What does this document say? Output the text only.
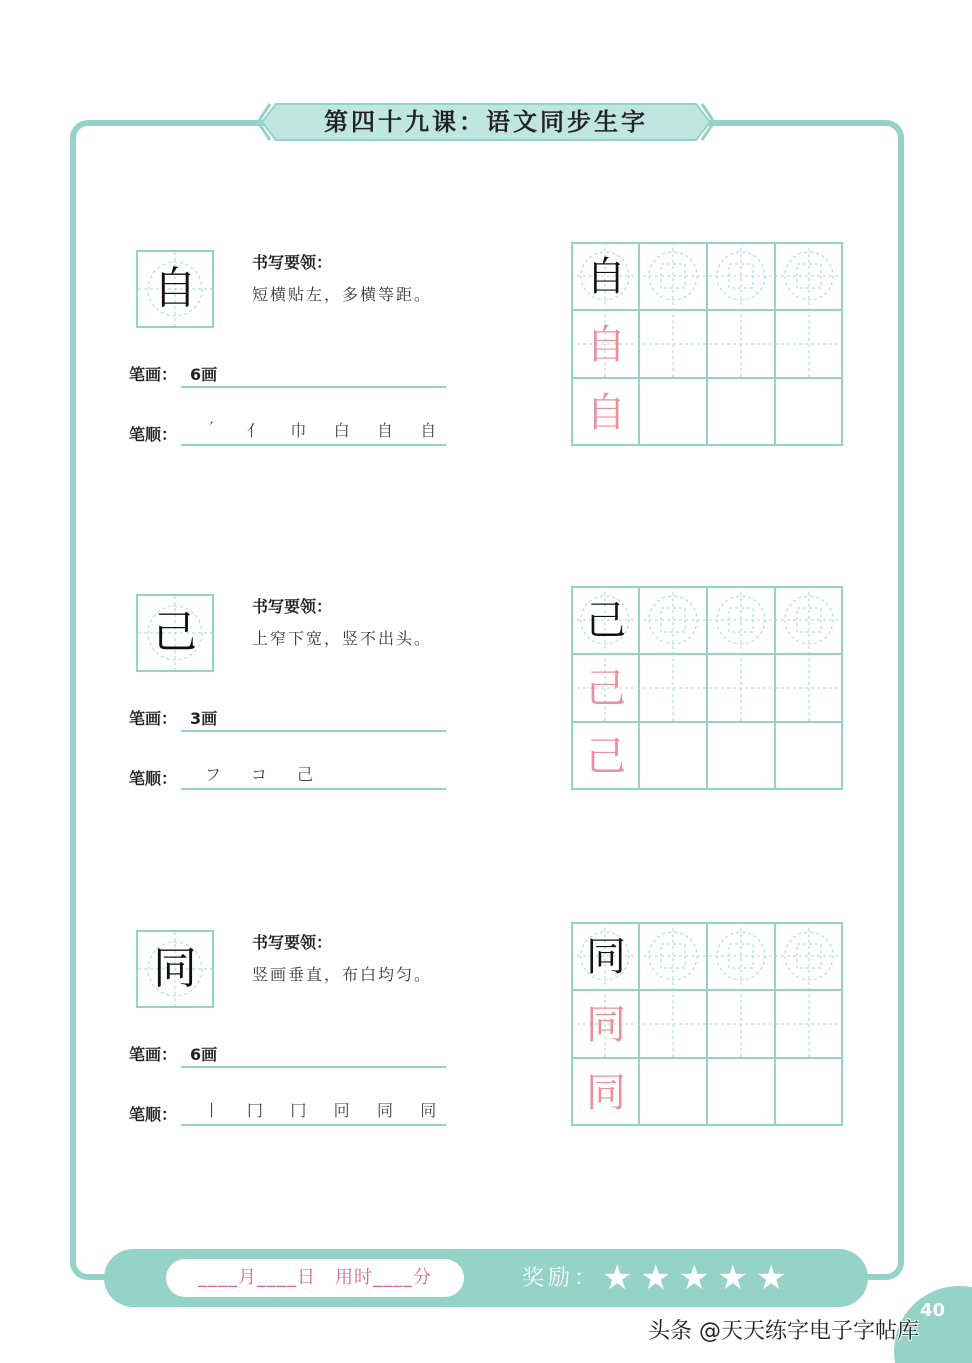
第四十九课：语文同步生字
自
书写要领：
短横贴左，多横等距。
笔画： 6画
笔顺：	′	亻	巾	白	自	自
自
自
自
己
书写要领：
上窄下宽，竖不出头。
笔画： 3画
笔顺：	フ	コ	己
己
己
己
同
书写要领：
竖画垂直，布白均匀。
笔画： 6画
笔顺：	丨	冂	冂	冋	同	同
同
同
同
____月____日　用时____分	奖励： ★ ★ ★ ★ ★
40
头条 @天天练字电子字帖库
